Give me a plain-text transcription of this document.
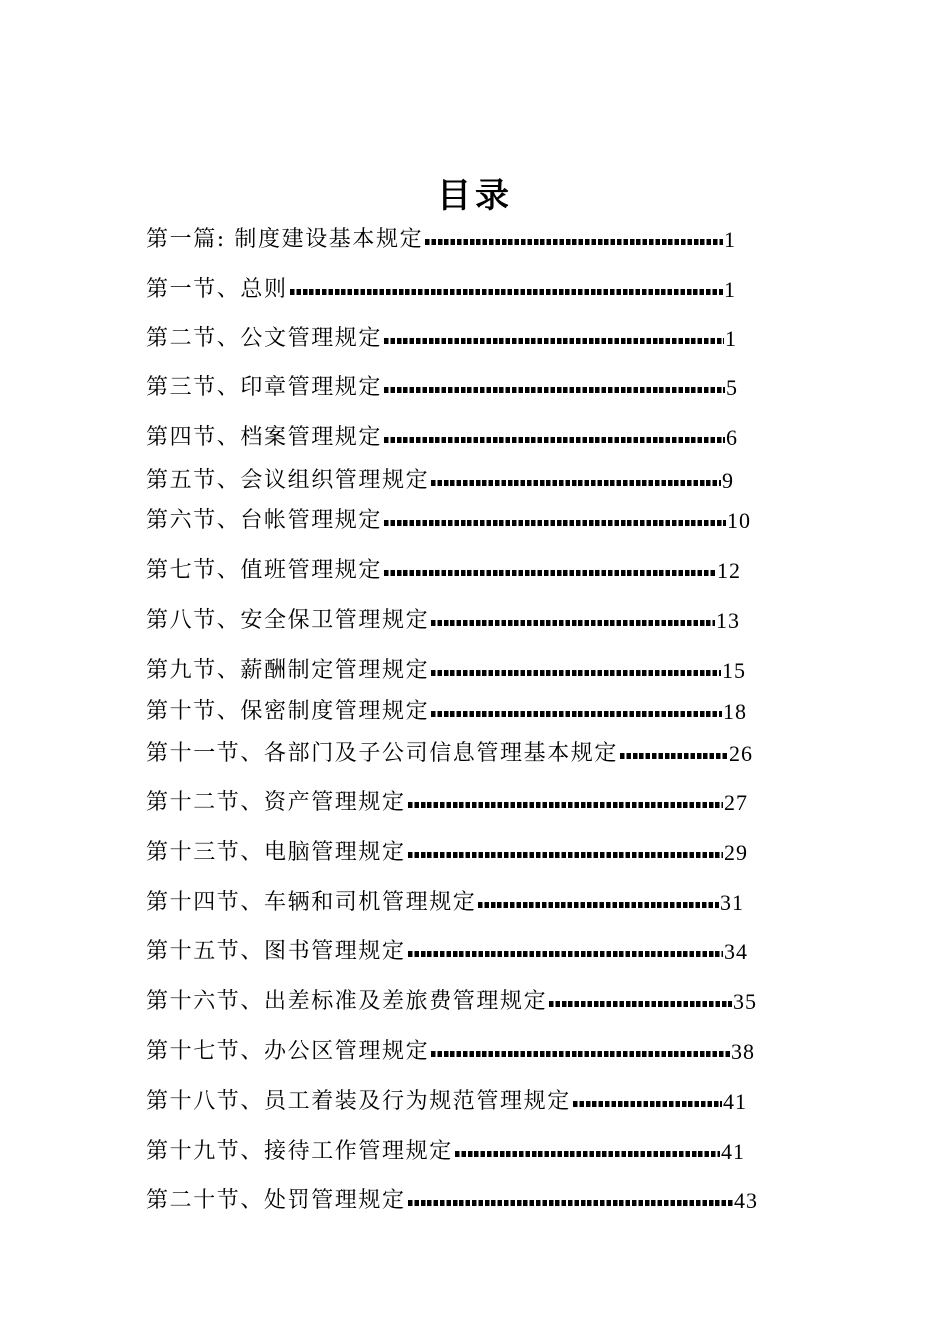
目录
第一篇: 制度建设基本规定	1
第一节、总则	1
第二节、公文管理规定	1
第三节、印章管理规定	5
第四节、档案管理规定	6
第五节、会议组织管理规定	9
第六节、台帐管理规定	10
第七节、值班管理规定	12
第八节、安全保卫管理规定	13
第九节、薪酬制定管理规定	15
第十节、保密制度管理规定	18
第十一节、各部门及子公司信息管理基本规定	26
第十二节、资产管理规定	27
第十三节、电脑管理规定	29
第十四节、车辆和司机管理规定	31
第十五节、图书管理规定	34
第十六节、出差标准及差旅费管理规定	35
第十七节、办公区管理规定	38
第十八节、员工着装及行为规范管理规定	41
第十九节、接待工作管理规定	41
第二十节、处罚管理规定	43
